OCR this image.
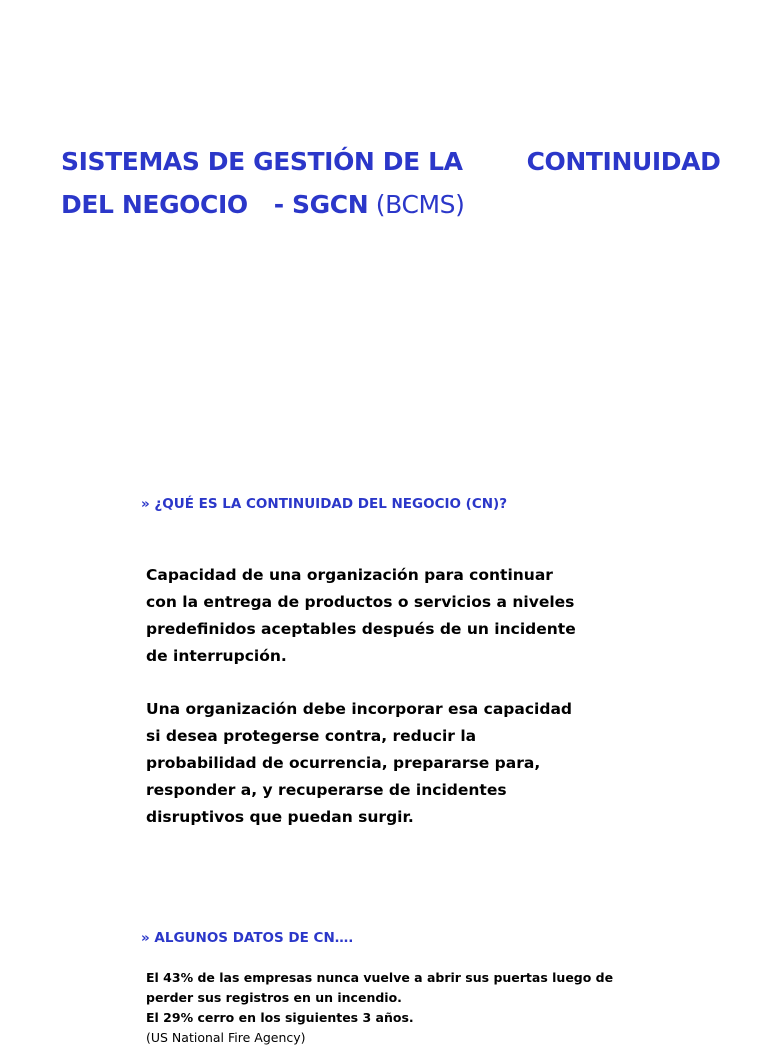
SISTEMAS DE GESTIÓN DE LA	CONTINUIDAD
DEL NEGOCIO - SGCN (BCMS)
» ¿QUÉ ES LA CONTINUIDAD DEL NEGOCIO (CN)?
Capacidad de una organización para continuar
con la entrega de productos o servicios a niveles
predefinidos aceptables después de un incidente
de interrupción.
Una organización debe incorporar esa capacidad
si desea protegerse contra, reducir la
probabilidad de ocurrencia, prepararse para,
responder a, y recuperarse de incidentes
disruptivos que puedan surgir.
» ALGUNOS DATOS DE CN….
El 43% de las empresas nunca vuelve a abrir sus puertas luego de
perder sus registros en un incendio.
El 29% cerro en los siguientes 3 años.
(US National Fire Agency)
